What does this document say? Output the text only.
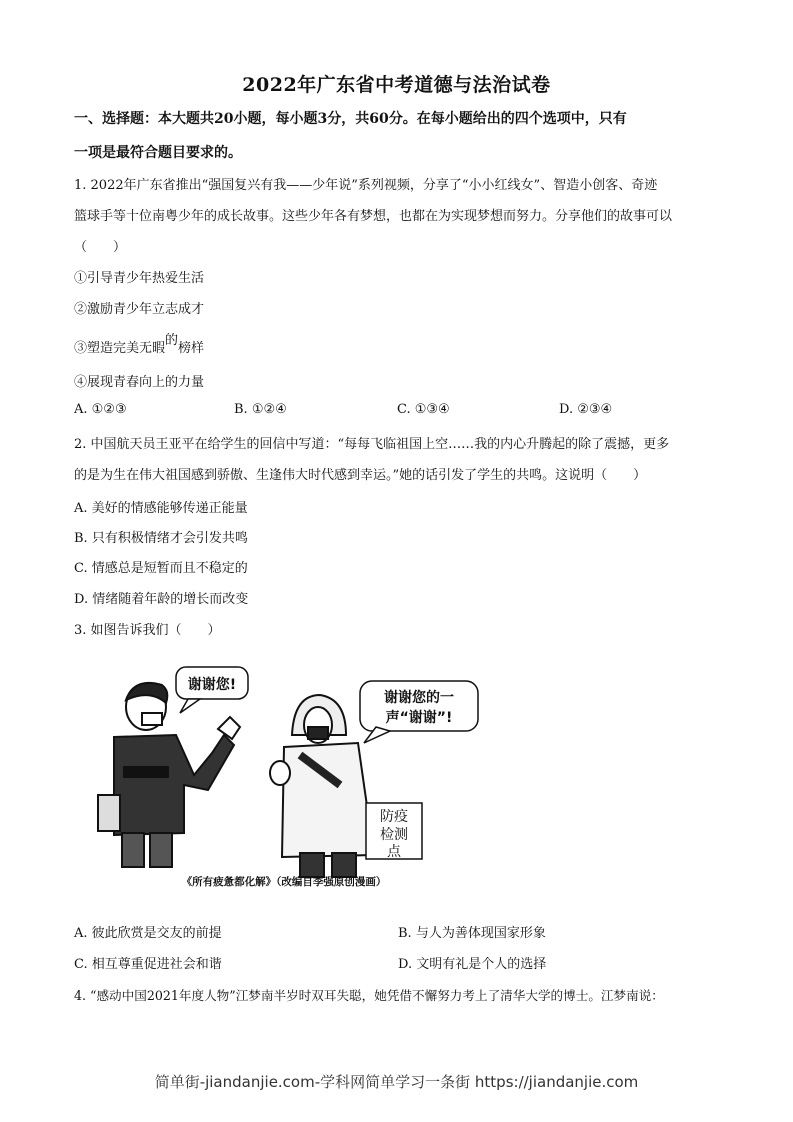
2022年广东省中考道德与法治试卷
一、选择题：本大题共20小题，每小题3分，共60分。在每小题给出的四个选项中，只有
一项是最符合题目要求的。
1. 2022年广东省推出“强国复兴有我——少年说”系列视频，分享了“小小红线女”、智造小创客、奇迹
篮球手等十位南粤少年的成长故事。这些少年各有梦想，也都在为实现梦想而努力。分享他们的故事可以
（　　）
①引导青少年热爱生活
②激励青少年立志成才
③塑造完美无暇的榜样
④展现青春向上的力量
A. ①②③	B. ①②④	C. ①③④	D. ②③④
2. 中国航天员王亚平在给学生的回信中写道：“每每飞临祖国上空……我的内心升腾起的除了震撼，更多
的是为生在伟大祖国感到骄傲、生逢伟大时代感到幸运。”她的话引发了学生的共鸣。这说明（　　）
A. 美好的情感能够传递正能量
B. 只有积极情绪才会引发共鸣
C. 情感总是短暂而且不稳定的
D. 情绪随着年龄的增长而改变
3. 如图告诉我们（　　）
谢谢您!
谢谢您的一
声“谢谢”!
防疫
检测
点
《所有疲惫都化解》（改编自李强原创漫画）
A. 彼此欣赏是交友的前提	B. 与人为善体现国家形象
C. 相互尊重促进社会和谐	D. 文明有礼是个人的选择
4. “感动中国2021年度人物”江梦南半岁时双耳失聪，她凭借不懈努力考上了清华大学的博士。江梦南说：
简单街-jiandanjie.com-学科网简单学习一条街 https://jiandanjie.com
